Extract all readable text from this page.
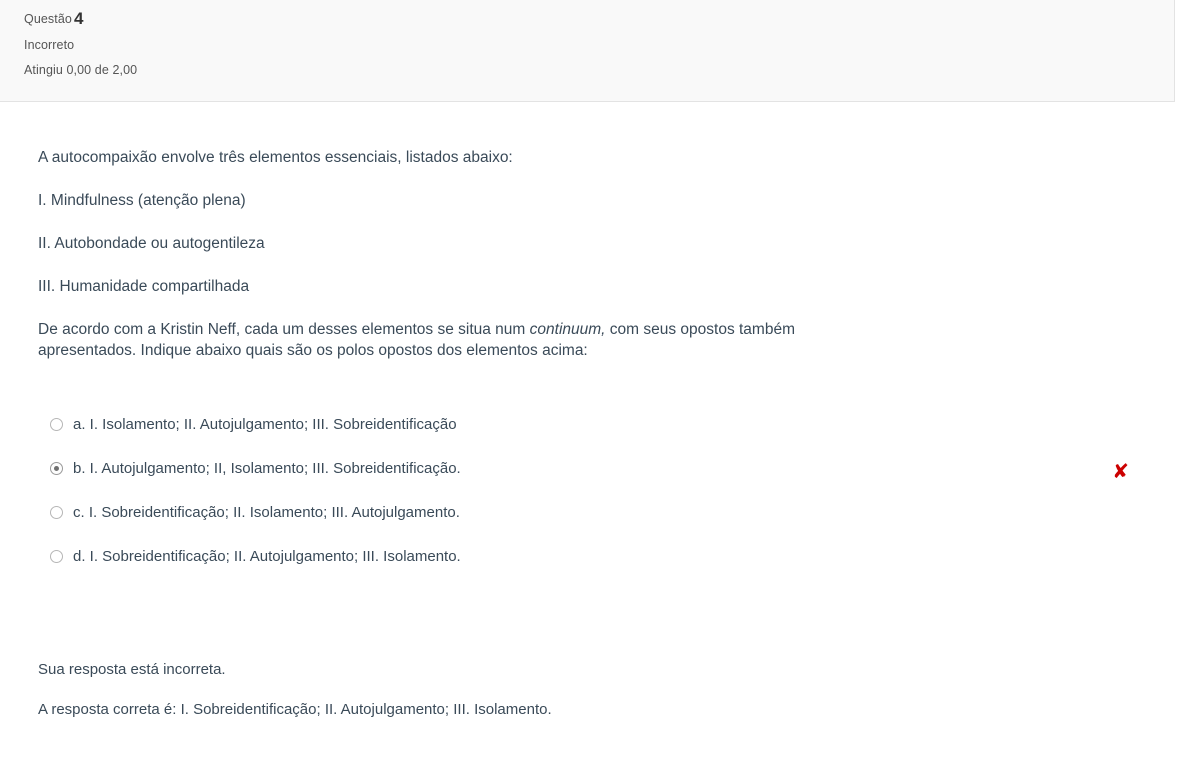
Questão 4
Incorreto
Atingiu 0,00 de 2,00

A autocompaixão envolve três elementos essenciais, listados abaixo:

I. Mindfulness (atenção plena)

II. Autobondade ou autogentileza

III. Humanidade compartilhada

De acordo com a Kristin Neff, cada um desses elementos se situa num continuum, com seus opostos também apresentados. Indique abaixo quais são os polos opostos dos elementos acima:

a. I. Isolamento; II. Autojulgamento; III. Sobreidentificação
b. I. Autojulgamento; II, Isolamento; III. Sobreidentificação.	✘
c. I. Sobreidentificação; II. Isolamento; III. Autojulgamento.
d. I. Sobreidentificação; II. Autojulgamento; III. Isolamento.

Sua resposta está incorreta.

A resposta correta é: I. Sobreidentificação; II. Autojulgamento; III. Isolamento.
